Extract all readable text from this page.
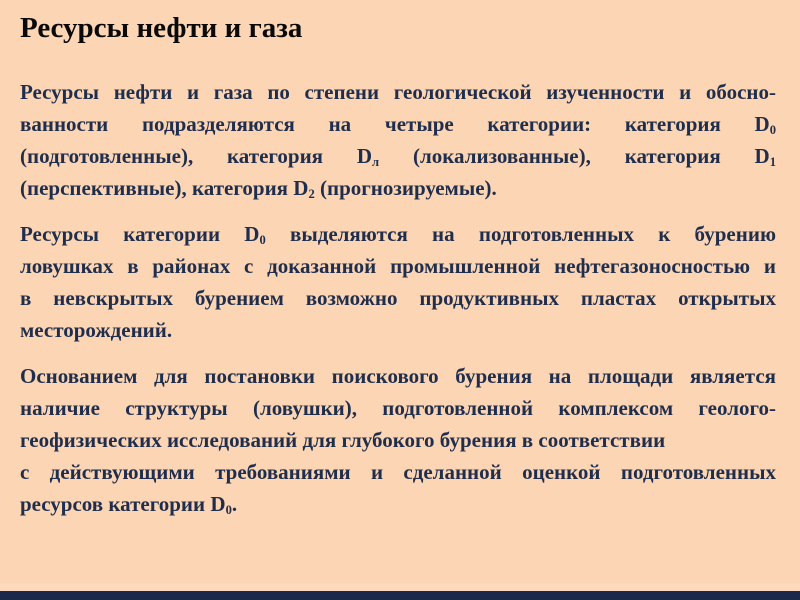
Ресурсы нефти и газа
Ресурсы нефти и газа по степени геологической изученности и обосно-
ванности подразделяются на четыре категории: категория $D_0$
(подготовленные), категория $D_л$ (локализованные), категория $D_1$
(перспективные), категория $D_2$ (прогнозируемые).
Ресурсы категории $D_0$ выделяются на подготовленных к бурению
ловушках в районах с доказанной промышленной нефтегазоносностью и
в невскрытых бурением возможно продуктивных пластах открытых
месторождений.
Основанием для постановки поискового бурения на площади является
наличие структуры (ловушки), подготовленной комплексом геолого-
геофизических исследований для глубокого бурения в соответствии
с действующими требованиями и сделанной оценкой подготовленных
ресурсов категории $D_0$.
